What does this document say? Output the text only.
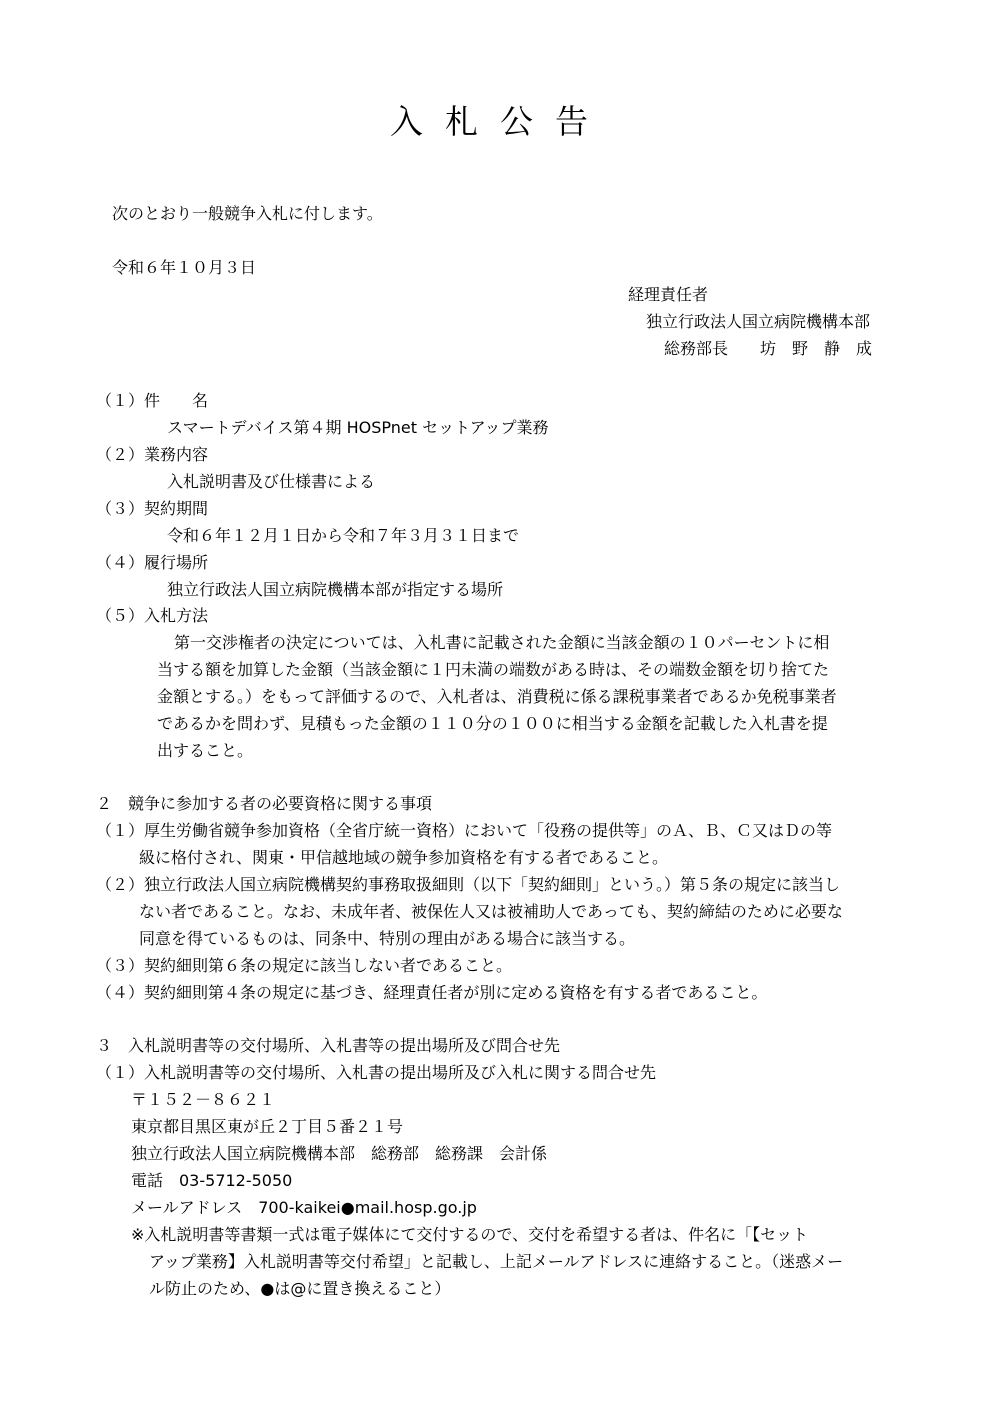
入札公告
次のとおり一般競争入札に付します。
令和６年１０月３日
経理責任者
独立行政法人国立病院機構本部
総務部長　　坊　野　静　成
（１）件　　名
スマートデバイス第４期 HOSPnet セットアップ業務
（２）業務内容
入札説明書及び仕様書による
（３）契約期間
令和６年１２月１日から令和７年３月３１日まで
（４）履行場所
独立行政法人国立病院機構本部が指定する場所
（５）入札方法
第一交渉権者の決定については、入札書に記載された金額に当該金額の１０パーセントに相
当する額を加算した金額（当該金額に１円未満の端数がある時は、その端数金額を切り捨てた
金額とする。）をもって評価するので、入札者は、消費税に係る課税事業者であるか免税事業者
であるかを問わず、見積もった金額の１１０分の１００に相当する金額を記載した入札書を提
出すること。
２　競争に参加する者の必要資格に関する事項
（１）厚生労働省競争参加資格（全省庁統一資格）において「役務の提供等」のＡ、Ｂ、Ｃ又はＤの等
級に格付され、関東・甲信越地域の競争参加資格を有する者であること。
（２）独立行政法人国立病院機構契約事務取扱細則（以下「契約細則」という。）第５条の規定に該当し
ない者であること。なお、未成年者、被保佐人又は被補助人であっても、契約締結のために必要な
同意を得ているものは、同条中、特別の理由がある場合に該当する。
（３）契約細則第６条の規定に該当しない者であること。
（４）契約細則第４条の規定に基づき、経理責任者が別に定める資格を有する者であること。
３　入札説明書等の交付場所、入札書等の提出場所及び問合せ先
（１）入札説明書等の交付場所、入札書の提出場所及び入札に関する問合せ先
〒１５２－８６２１
東京都目黒区東が丘２丁目５番２１号
独立行政法人国立病院機構本部　総務部　総務課　会計係
電話　03-5712-5050
メールアドレス　700-kaikei●mail.hosp.go.jp
※入札説明書等書類一式は電子媒体にて交付するので、交付を希望する者は、件名に「【セット
アップ業務】入札説明書等交付希望」と記載し、上記メールアドレスに連絡すること。（迷惑メー
ル防止のため、●は@に置き換えること）
